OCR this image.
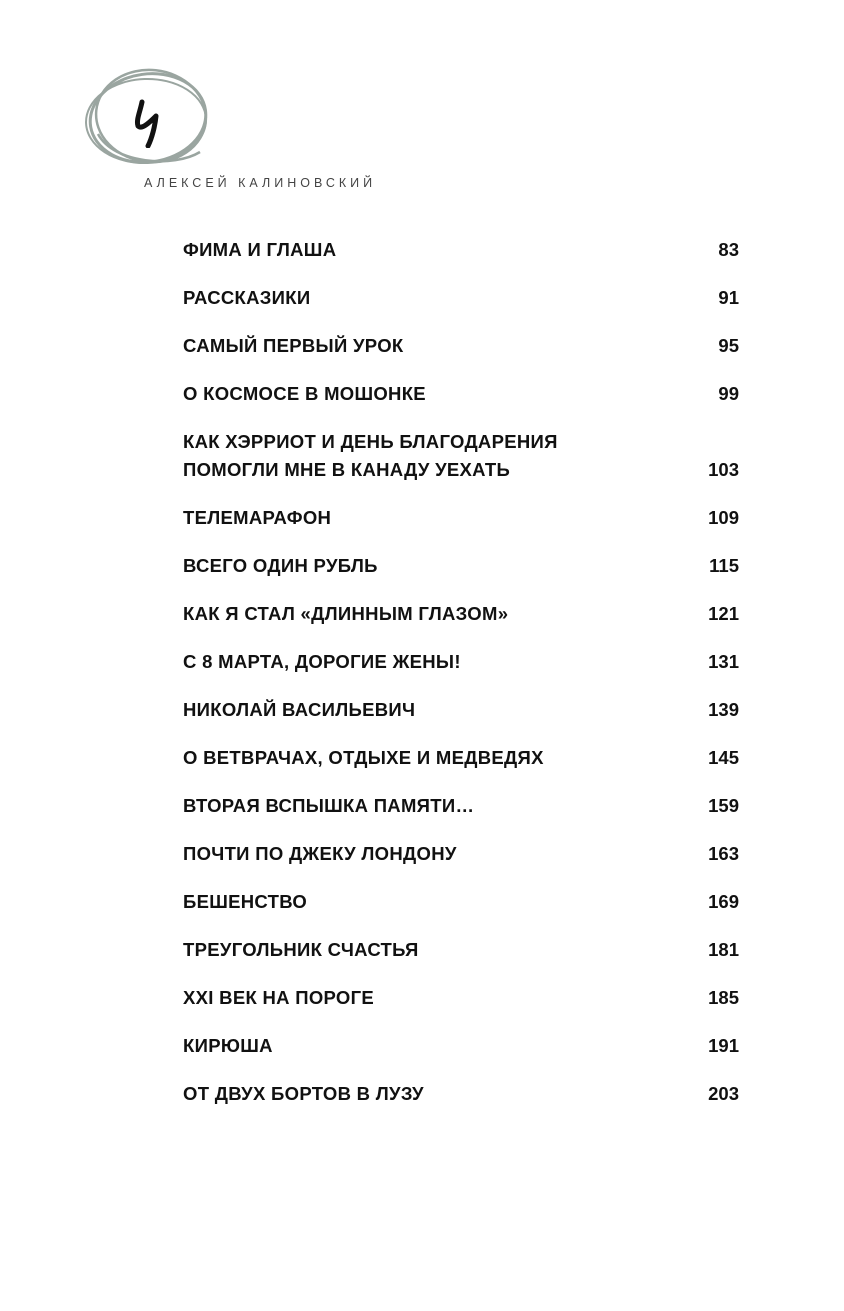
АЛЕКСЕЙ КАЛИНОВСКИЙ
ФИМА И ГЛАША	83
РАССКАЗИКИ	91
САМЫЙ ПЕРВЫЙ УРОК	95
О КОСМОСЕ В МОШОНКЕ	99
КАК ХЭРРИОТ И ДЕНЬ БЛАГОДАРЕНИЯ
ПОМОГЛИ МНЕ В КАНАДУ УЕХАТЬ	103
ТЕЛЕМАРАФОН	109
ВСЕГО ОДИН РУБЛЬ	115
КАК Я СТАЛ «ДЛИННЫМ ГЛАЗОМ»	121
С 8 МАРТА, ДОРОГИЕ ЖЕНЫ!	131
НИКОЛАЙ ВАСИЛЬЕВИЧ	139
О ВЕТВРАЧАХ, ОТДЫХЕ И МЕДВЕДЯХ	145
ВТОРАЯ ВСПЫШКА ПАМЯТИ…	159
ПОЧТИ ПО ДЖЕКУ ЛОНДОНУ	163
БЕШЕНСТВО	169
ТРЕУГОЛЬНИК СЧАСТЬЯ	181
XXI ВЕК НА ПОРОГЕ	185
КИРЮША	191
ОТ ДВУХ БОРТОВ В ЛУЗУ	203
